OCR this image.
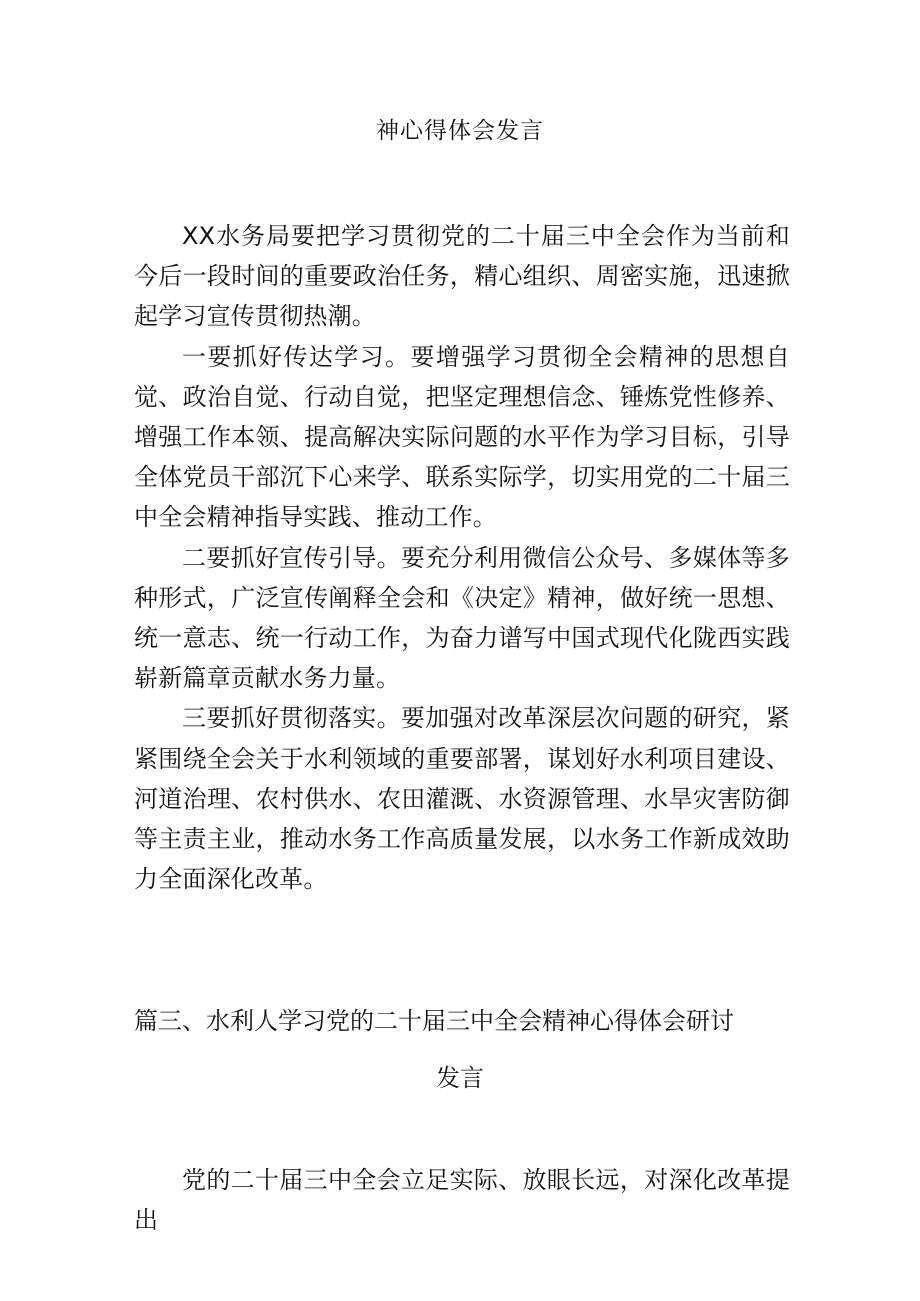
神心得体会发言

XX水务局要把学习贯彻党的二十届三中全会作为当前和今后一段时间的重要政治任务，精心组织、周密实施，迅速掀起学习宣传贯彻热潮。

一要抓好传达学习。要增强学习贯彻全会精神的思想自觉、政治自觉、行动自觉，把坚定理想信念、锤炼党性修养、增强工作本领、提高解决实际问题的水平作为学习目标，引导全体党员干部沉下心来学、联系实际学，切实用党的二十届三中全会精神指导实践、推动工作。

二要抓好宣传引导。要充分利用微信公众号、多媒体等多种形式，广泛宣传阐释全会和《决定》精神，做好统一思想、统一意志、统一行动工作，为奋力谱写中国式现代化陇西实践崭新篇章贡献水务力量。

三要抓好贯彻落实。要加强对改革深层次问题的研究，紧紧围绕全会关于水利领域的重要部署，谋划好水利项目建设、河道治理、农村供水、农田灌溉、水资源管理、水旱灾害防御等主责主业，推动水务工作高质量发展，以水务工作新成效助力全面深化改革。

篇三、水利人学习党的二十届三中全会精神心得体会研讨
发言

党的二十届三中全会立足实际、放眼长远，对深化改革提出
